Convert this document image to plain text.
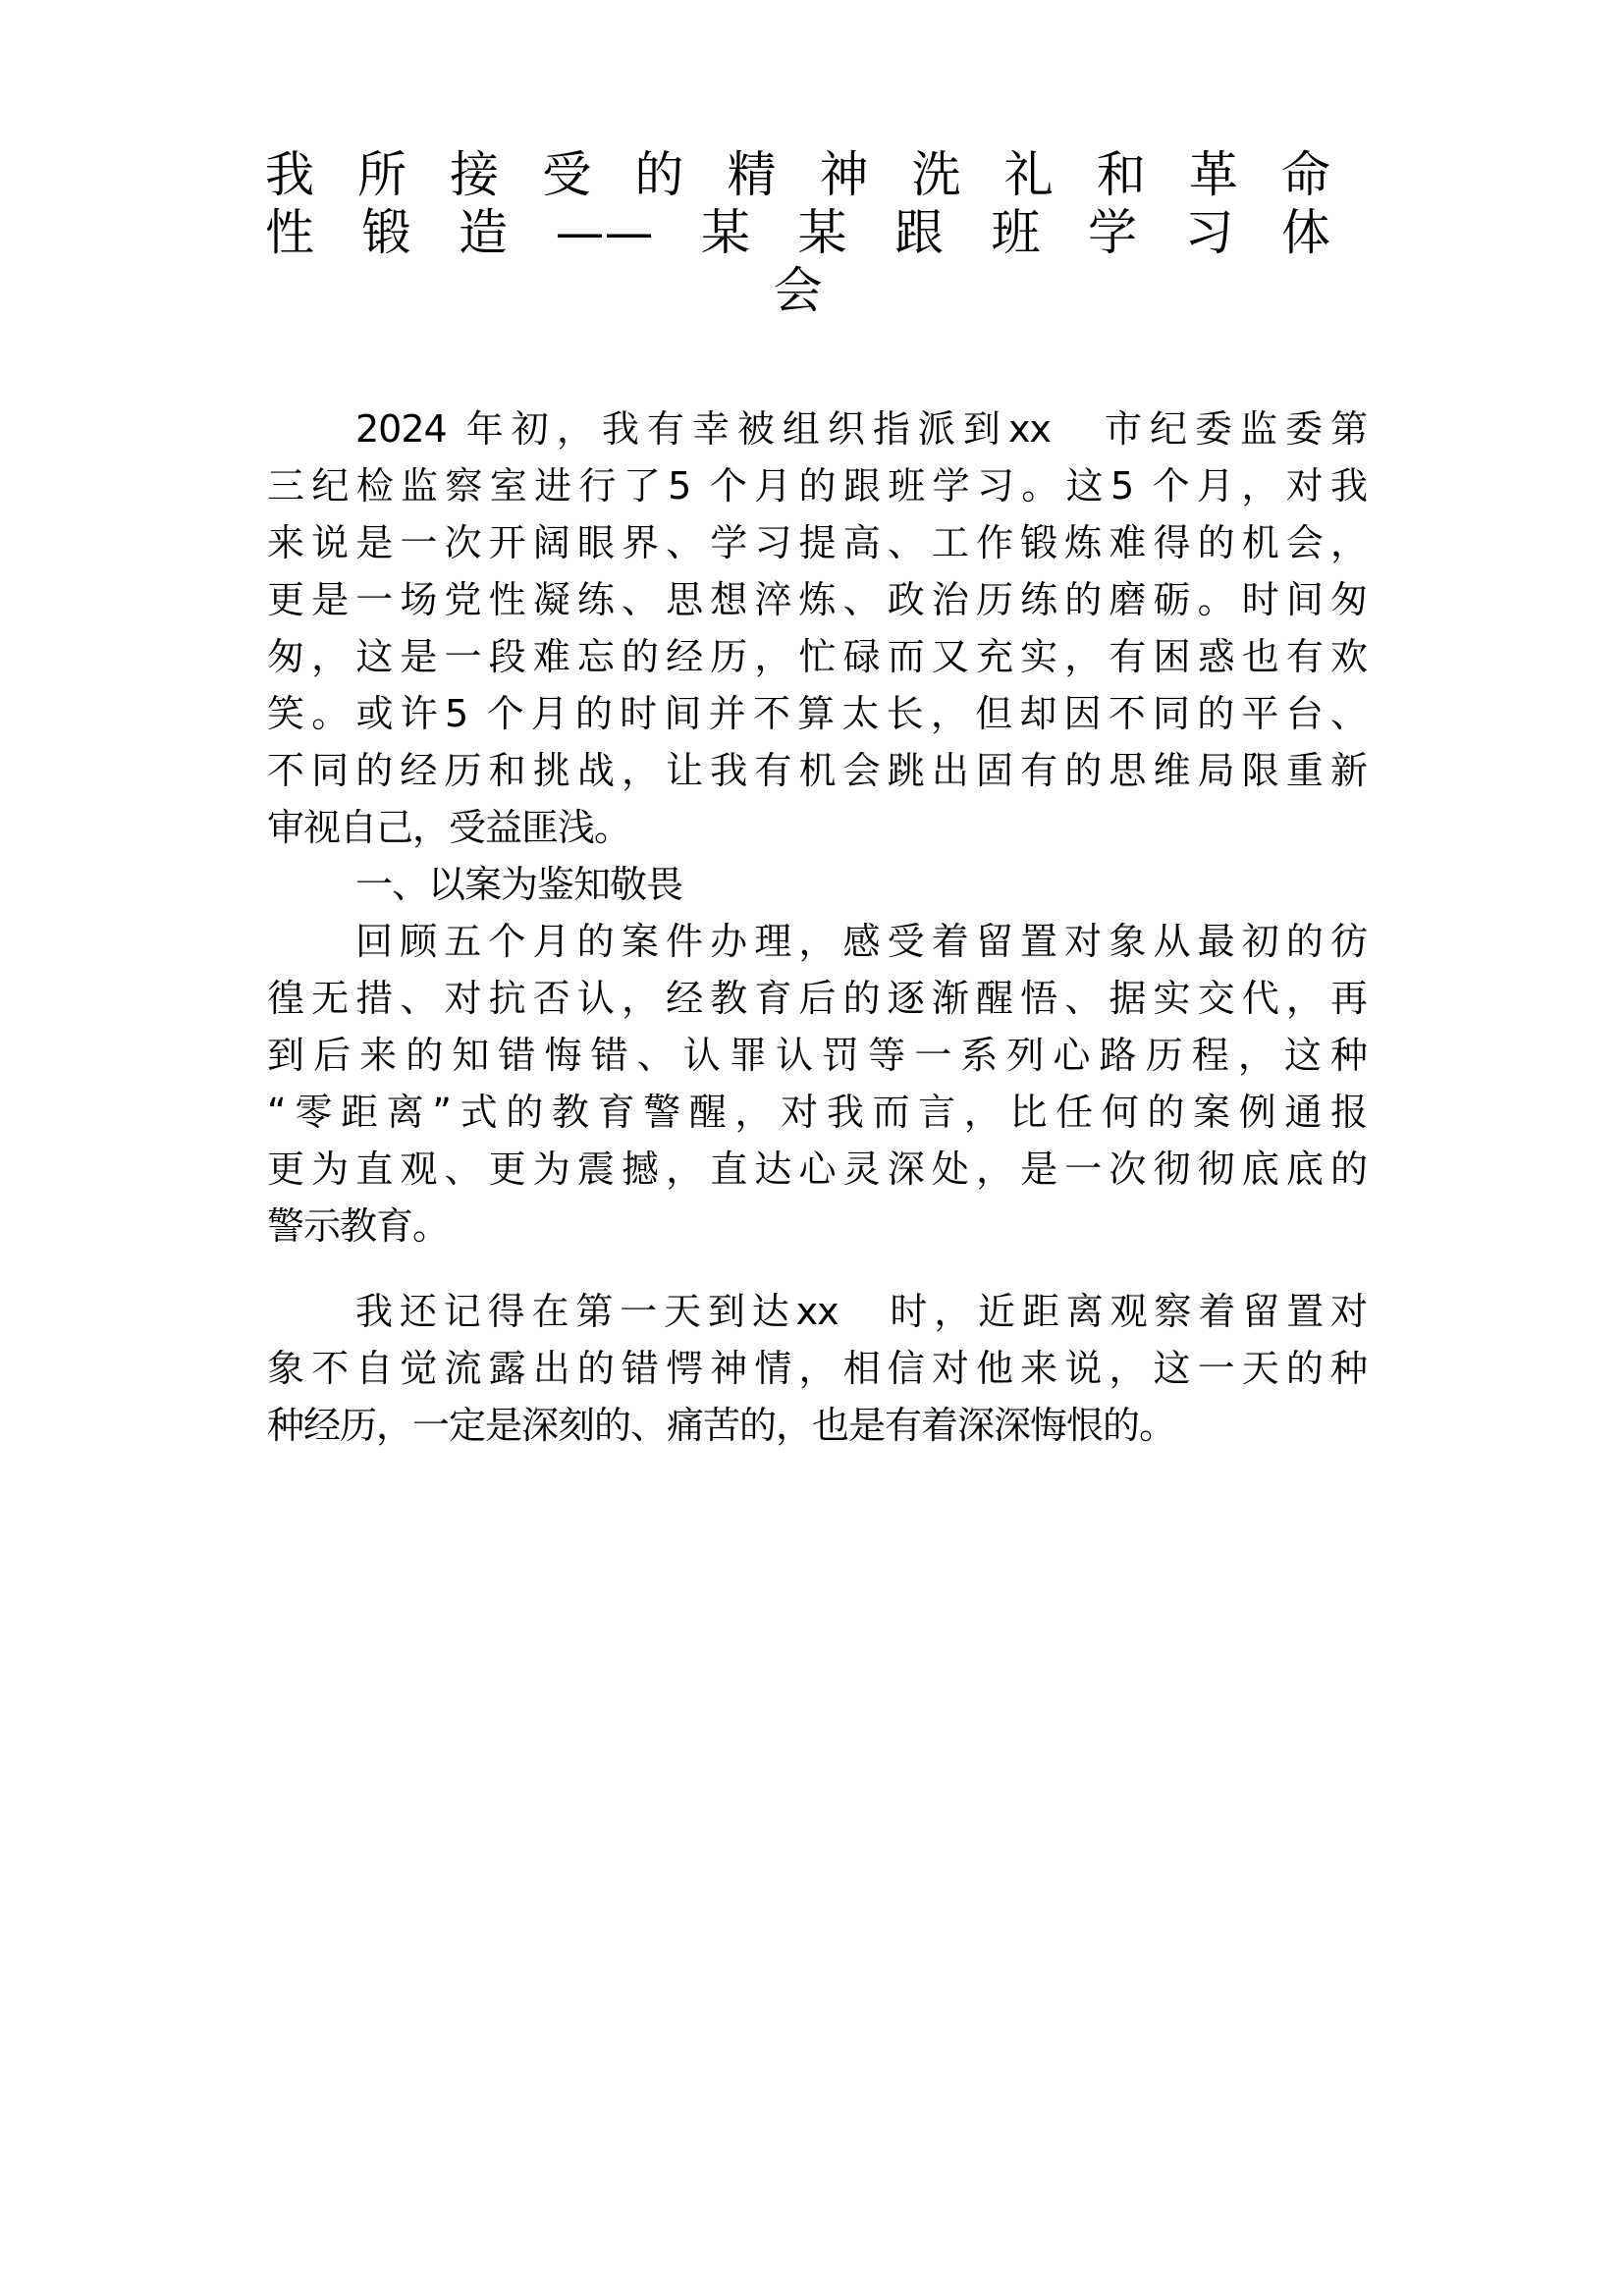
我所接受的精神洗礼和革命
性锻造——某某跟班学习体
会
2024 年初，我有幸被组织指派到xx　市纪委监委第
三纪检监察室进行了5 个月的跟班学习。这5 个月，对我
来说是一次开阔眼界、学习提高、工作锻炼难得的机会，
更是一场党性凝练、思想淬炼、政治历练的磨砺。时间匆
匆，这是一段难忘的经历，忙碌而又充实，有困惑也有欢
笑。或许5 个月的时间并不算太长，但却因不同的平台、
不同的经历和挑战，让我有机会跳出固有的思维局限重新
审视自己，受益匪浅。
一、以案为鉴知敬畏
回顾五个月的案件办理，感受着留置对象从最初的彷
徨无措、对抗否认，经教育后的逐渐醒悟、据实交代，再
到后来的知错悔错、认罪认罚等一系列心路历程，这种
“零距离”式的教育警醒，对我而言，比任何的案例通报
更为直观、更为震撼，直达心灵深处，是一次彻彻底底的
警示教育。
我还记得在第一天到达xx　时，近距离观察着留置对
象不自觉流露出的错愕神情，相信对他来说，这一天的种
种经历，一定是深刻的、痛苦的，也是有着深深悔恨的。
